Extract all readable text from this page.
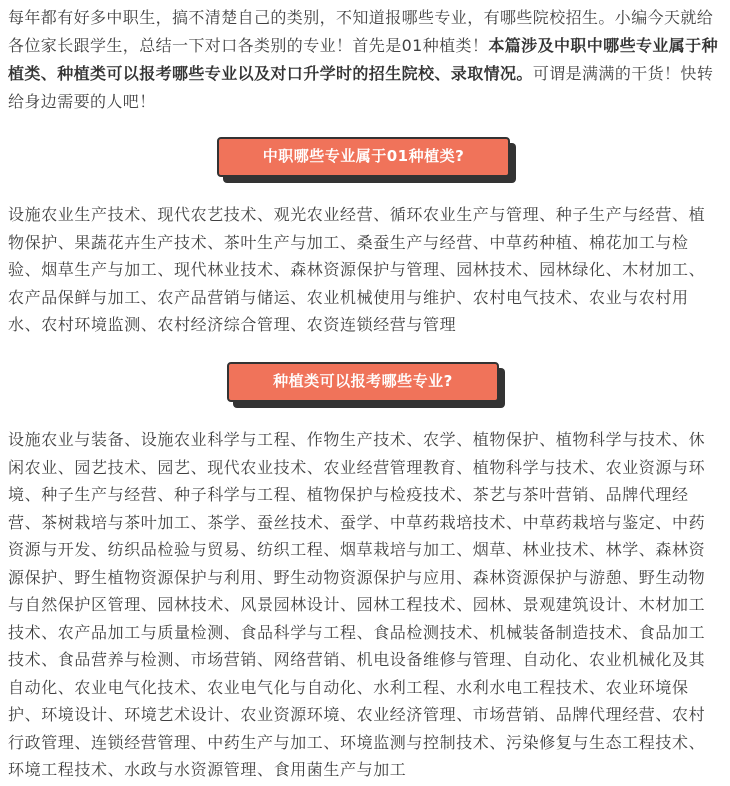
每年都有好多中职生，搞不清楚自己的类别，不知道报哪些专业，有哪些院校招生。小编今天就给各位家长跟学生，总结一下对口各类别的专业！首先是01种植类！本篇涉及中职中哪些专业属于种植类、种植类可以报考哪些专业以及对口升学时的招生院校、录取情况。可谓是满满的干货！快转给身边需要的人吧！

中职哪些专业属于01种植类?

设施农业生产技术、现代农艺技术、观光农业经营、循环农业生产与管理、种子生产与经营、植物保护、果蔬花卉生产技术、茶叶生产与加工、桑蚕生产与经营、中草药种植、棉花加工与检验、烟草生产与加工、现代林业技术、森林资源保护与管理、园林技术、园林绿化、木材加工、农产品保鲜与加工、农产品营销与储运、农业机械使用与维护、农村电气技术、农业与农村用水、农村环境监测、农村经济综合管理、农资连锁经营与管理

种植类可以报考哪些专业?

设施农业与装备、设施农业科学与工程、作物生产技术、农学、植物保护、植物科学与技术、休闲农业、园艺技术、园艺、现代农业技术、农业经营管理教育、植物科学与技术、农业资源与环境、种子生产与经营、种子科学与工程、植物保护与检疫技术、茶艺与茶叶营销、品牌代理经营、茶树栽培与茶叶加工、茶学、蚕丝技术、蚕学、中草药栽培技术、中草药栽培与鉴定、中药资源与开发、纺织品检验与贸易、纺织工程、烟草栽培与加工、烟草、林业技术、林学、森林资源保护、野生植物资源保护与利用、野生动物资源保护与应用、森林资源保护与游憩、野生动物与自然保护区管理、园林技术、风景园林设计、园林工程技术、园林、景观建筑设计、木材加工技术、农产品加工与质量检测、食品科学与工程、食品检测技术、机械装备制造技术、食品加工技术、食品营养与检测、市场营销、网络营销、机电设备维修与管理、自动化、农业机械化及其自动化、农业电气化技术、农业电气化与自动化、水利工程、水利水电工程技术、农业环境保护、环境设计、环境艺术设计、农业资源环境、农业经济管理、市场营销、品牌代理经营、农村行政管理、连锁经营管理、中药生产与加工、环境监测与控制技术、污染修复与生态工程技术、环境工程技术、水政与水资源管理、食用菌生产与加工
